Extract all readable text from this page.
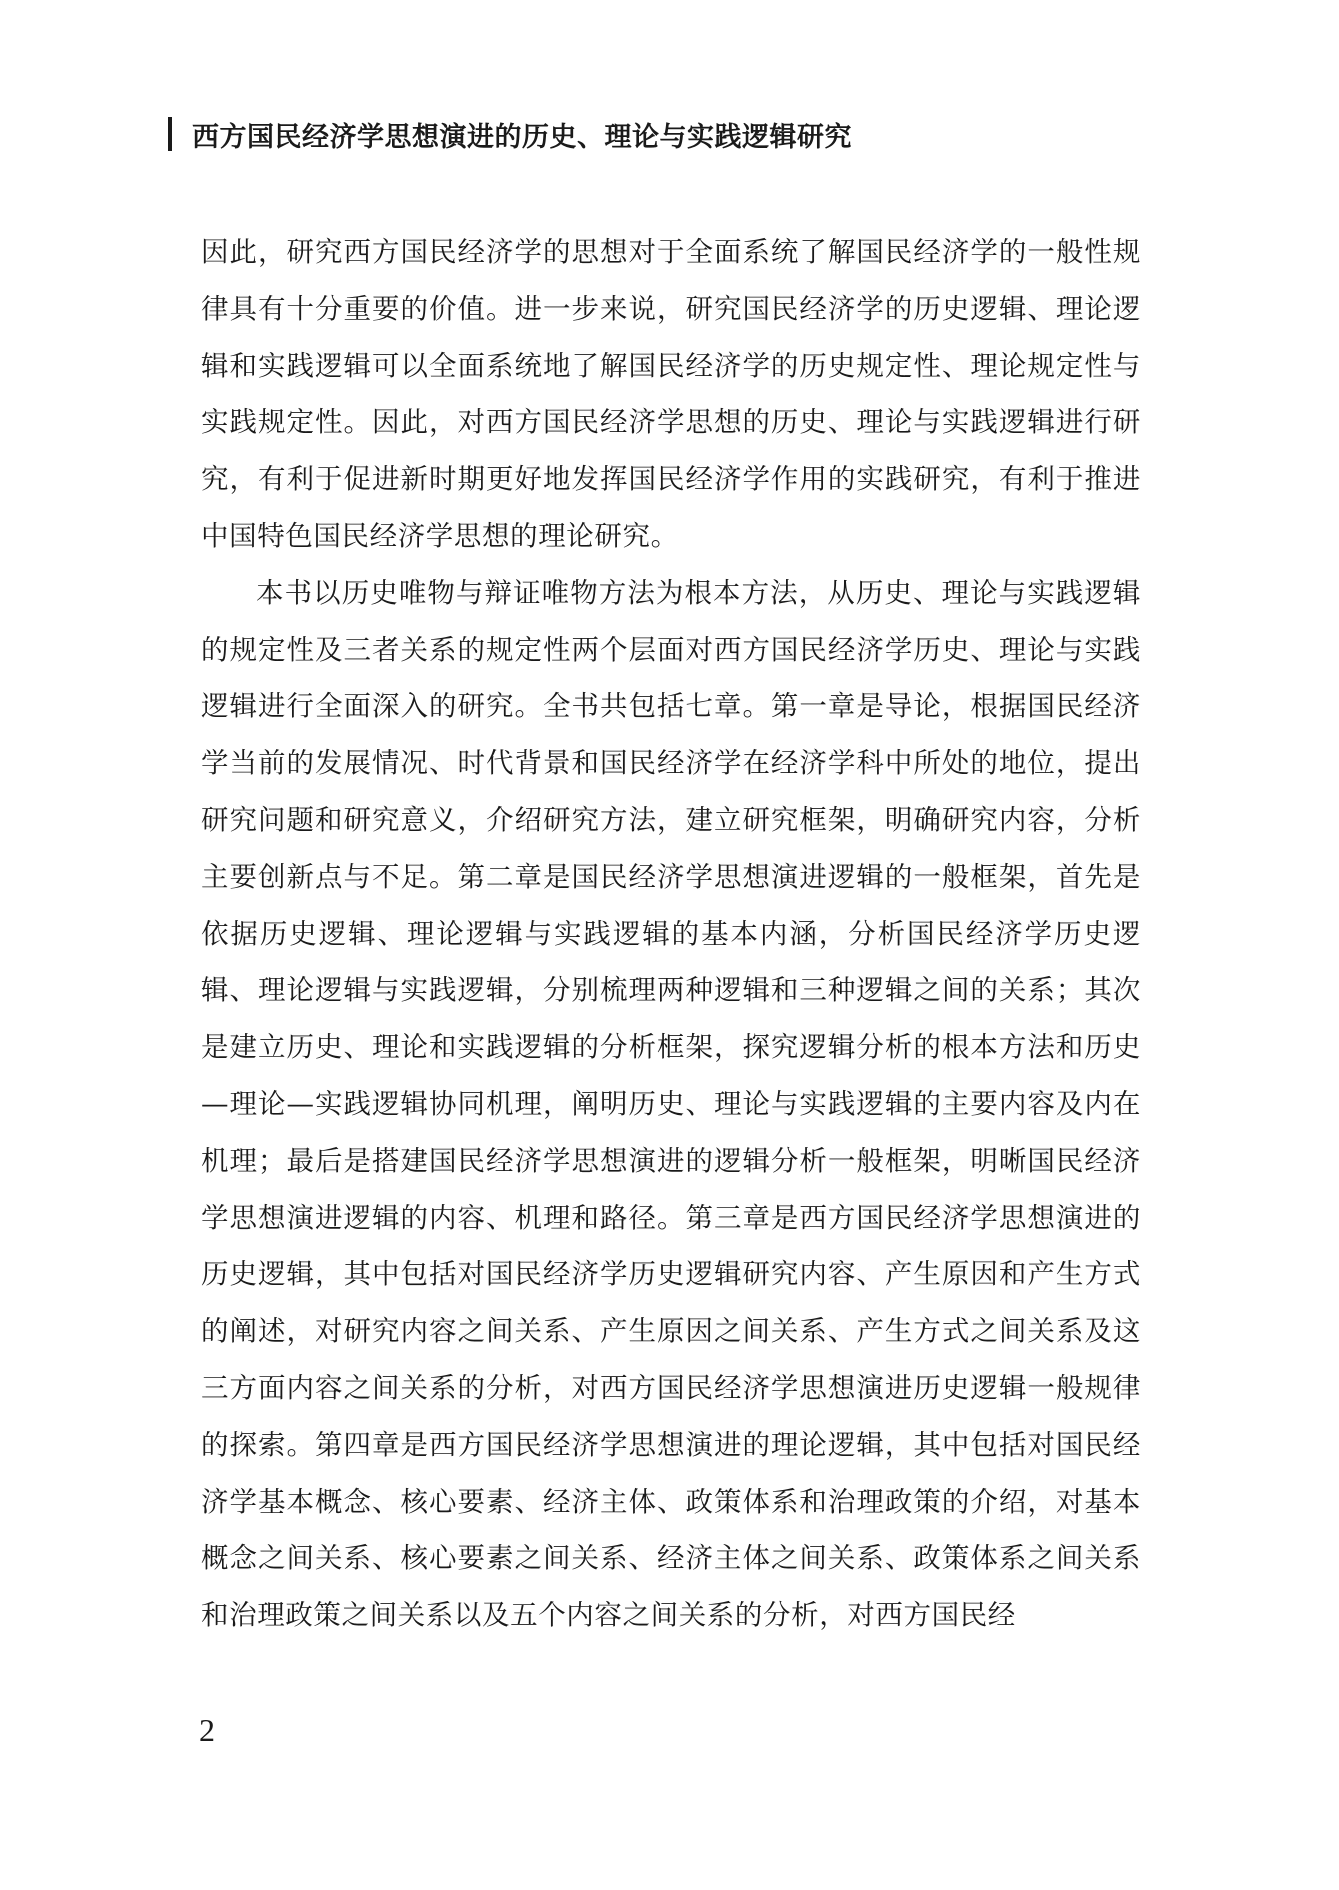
西方国民经济学思想演进的历史、理论与实践逻辑研究

因此，研究西方国民经济学的思想对于全面系统了解国民经济学的一般性规律具有十分重要的价值。进一步来说，研究国民经济学的历史逻辑、理论逻辑和实践逻辑可以全面系统地了解国民经济学的历史规定性、理论规定性与实践规定性。因此，对西方国民经济学思想的历史、理论与实践逻辑进行研究，有利于促进新时期更好地发挥国民经济学作用的实践研究，有利于推进中国特色国民经济学思想的理论研究。

本书以历史唯物与辩证唯物方法为根本方法，从历史、理论与实践逻辑的规定性及三者关系的规定性两个层面对西方国民经济学历史、理论与实践逻辑进行全面深入的研究。全书共包括七章。第一章是导论，根据国民经济学当前的发展情况、时代背景和国民经济学在经济学科中所处的地位，提出研究问题和研究意义，介绍研究方法，建立研究框架，明确研究内容，分析主要创新点与不足。第二章是国民经济学思想演进逻辑的一般框架，首先是依据历史逻辑、理论逻辑与实践逻辑的基本内涵，分析国民经济学历史逻辑、理论逻辑与实践逻辑，分别梳理两种逻辑和三种逻辑之间的关系；其次是建立历史、理论和实践逻辑的分析框架，探究逻辑分析的根本方法和历史—理论—实践逻辑协同机理，阐明历史、理论与实践逻辑的主要内容及内在机理；最后是搭建国民经济学思想演进的逻辑分析一般框架，明晰国民经济学思想演进逻辑的内容、机理和路径。第三章是西方国民经济学思想演进的历史逻辑，其中包括对国民经济学历史逻辑研究内容、产生原因和产生方式的阐述，对研究内容之间关系、产生原因之间关系、产生方式之间关系及这三方面内容之间关系的分析，对西方国民经济学思想演进历史逻辑一般规律的探索。第四章是西方国民经济学思想演进的理论逻辑，其中包括对国民经济学基本概念、核心要素、经济主体、政策体系和治理政策的介绍，对基本概念之间关系、核心要素之间关系、经济主体之间关系、政策体系之间关系和治理政策之间关系以及五个内容之间关系的分析，对西方国民经

2
